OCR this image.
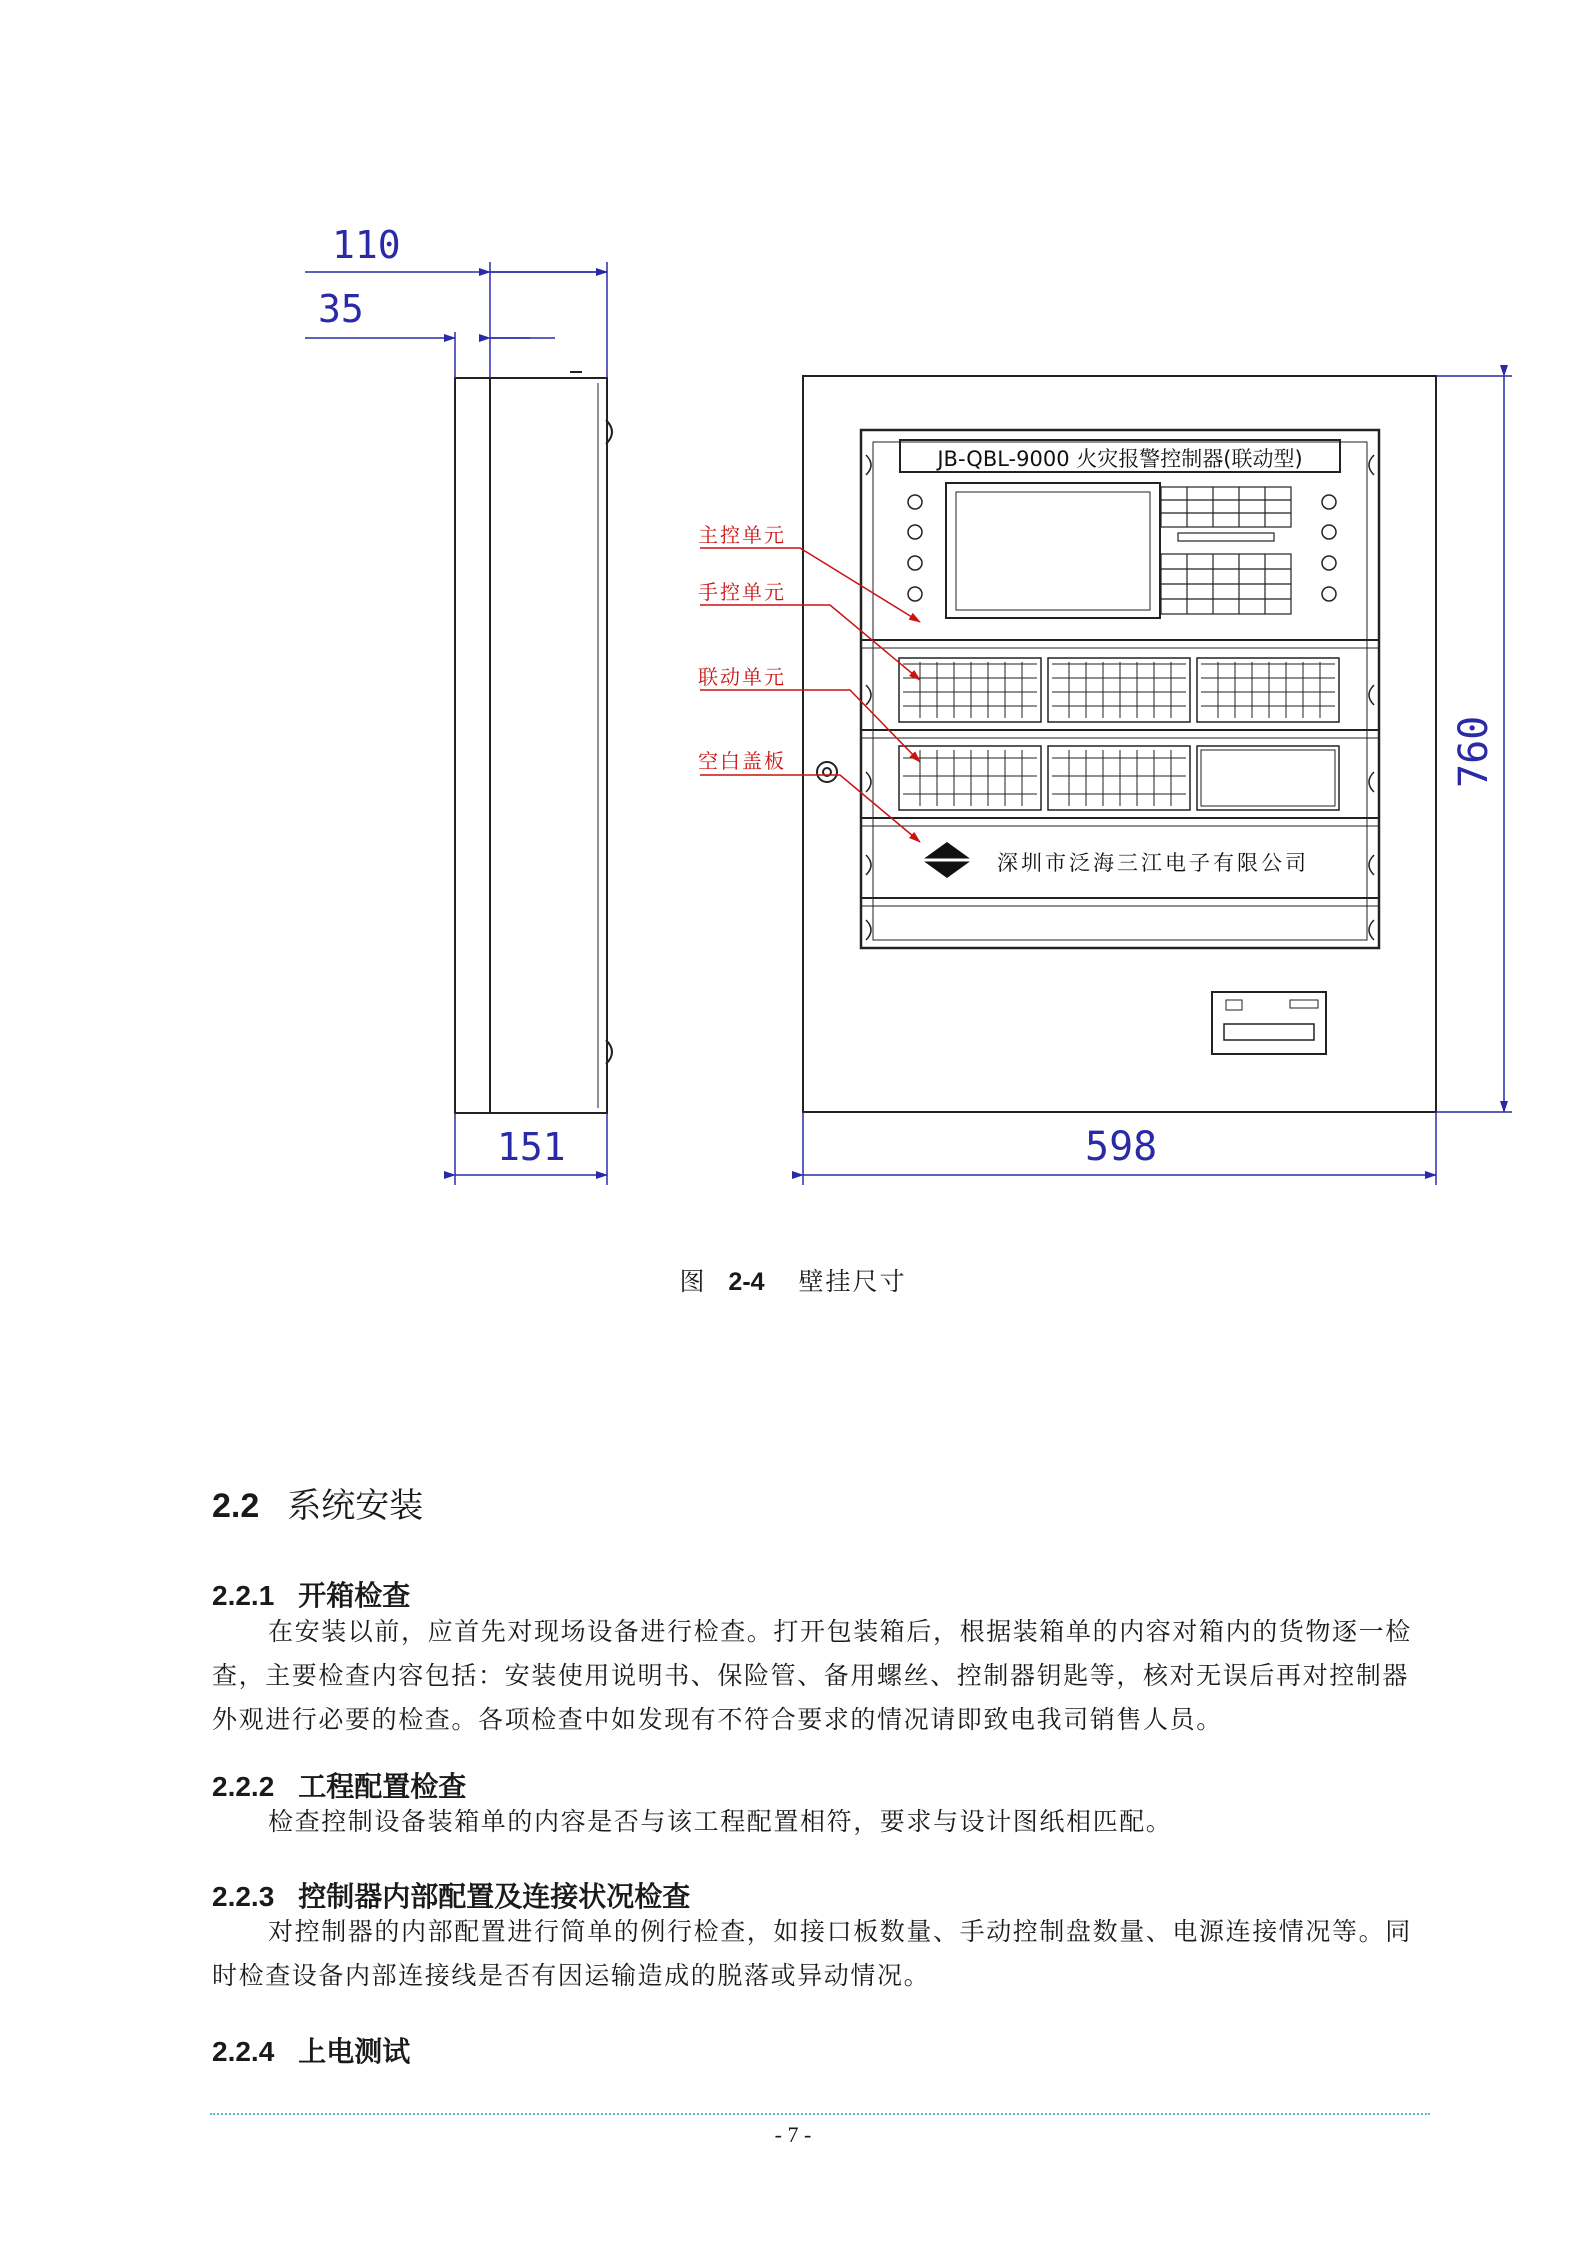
110
35
151
JB-QBL-9000 火灾报警控制器(联动型)
深圳市泛海三江电子有限公司
598
760
主控单元
手控单元
联动单元
空白盖板
图 2-4 壁挂尺寸
2.2 系统安装
2.2.1 开箱检查

在安装以前，应首先对现场设备进行检查。打开包装箱后，根据装箱单的内容对箱内的货物逐一检查，主要检查内容包括：安装使用说明书、保险管、备用螺丝、控制器钥匙等，核对无误后再对控制器外观进行必要的检查。各项检查中如发现有不符合要求的情况请即致电我司销售人员。

2.2.2 工程配置检查

检查控制设备装箱单的内容是否与该工程配置相符，要求与设计图纸相匹配。

2.2.3 控制器内部配置及连接状况检查

对控制器的内部配置进行简单的例行检查，如接口板数量、手动控制盘数量、电源连接情况等。同时检查设备内部连接线是否有因运输造成的脱落或异动情况。

2.2.4 上电测试
- 7 -
